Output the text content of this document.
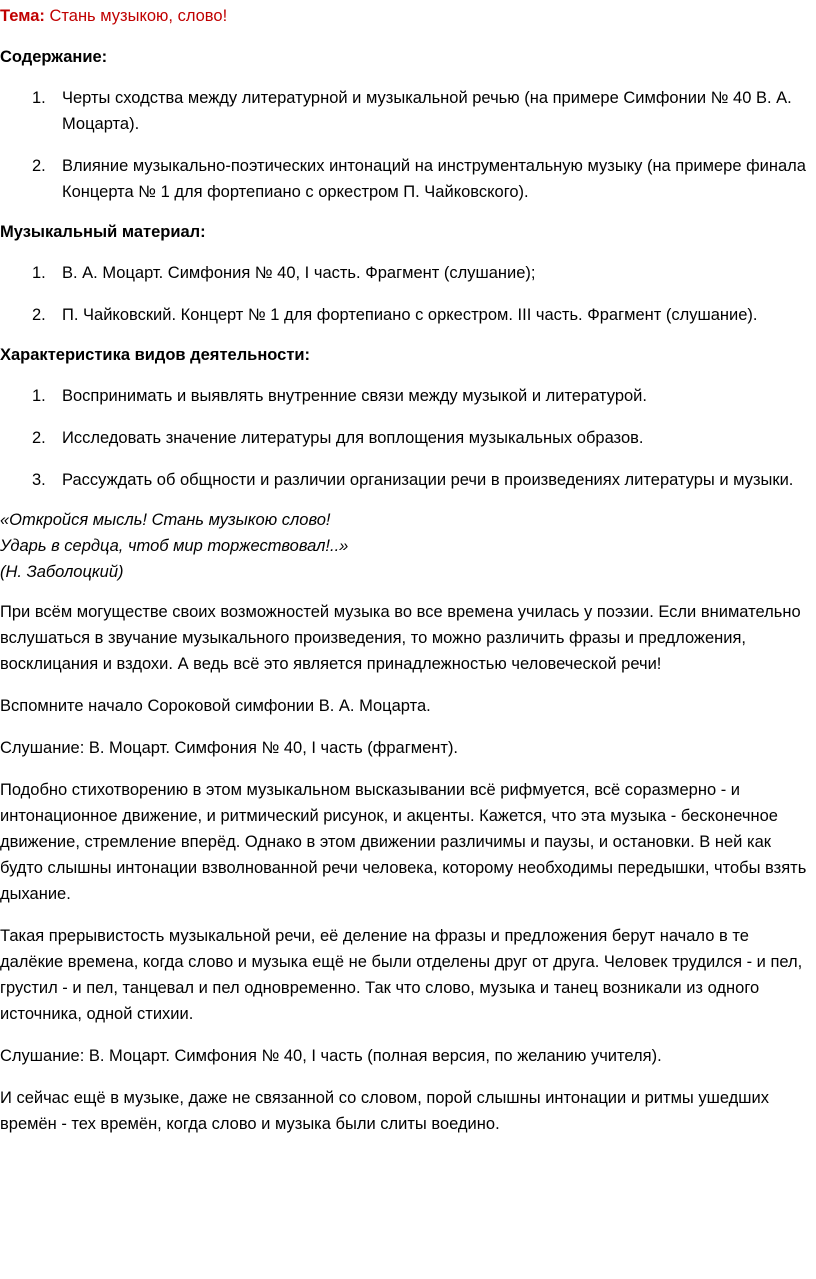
Тема: Стань музыкою, слово!
Содержание:
1. Черты сходства между литературной и музыкальной речью (на примере Симфонии № 40 В. А. Моцарта).
2. Влияние музыкально-поэтических интонаций на инструментальную музыку (на примере финала Концерта № 1 для фортепиано с оркестром П. Чайковского).
Музыкальный материал:
1. В. А. Моцарт. Симфония № 40, I часть. Фрагмент (слушание);
2. П. Чайковский. Концерт № 1 для фортепиано с оркестром. III часть. Фрагмент (слушание).
Характеристика видов деятельности:
1. Воспринимать и выявлять внутренние связи между музыкой и литературой.
2. Исследовать значение литературы для воплощения музыкальных образов.
3. Рассуждать об общности и различии организации речи в произведениях литературы и музыки.
«Откройся мысль! Стань музыкою слово!
Ударь в сердца, чтоб мир торжествовал!..»
(Н. Заболоцкий)

При всём могуществе своих возможностей музыка во все времена училась у поэзии. Если внимательно вслушаться в звучание музыкального произведения, то можно различить фразы и предложения, восклицания и вздохи. А ведь всё это является принадлежностью человеческой речи!

Вспомните начало Сороковой симфонии В. А. Моцарта.

Слушание: В. Моцарт. Симфония № 40, I часть (фрагмент).

Подобно стихотворению в этом музыкальном высказывании всё рифмуется, всё соразмерно - и интонационное движение, и ритмический рисунок, и акценты. Кажется, что эта музыка - бесконечное движение, стремление вперёд. Однако в этом движении различимы и паузы, и остановки. В ней как будто слышны интонации взволнованной речи человека, которому необходимы передышки, чтобы взять дыхание.

Такая прерывистость музыкальной речи, её деление на фразы и предложения берут начало в те далёкие времена, когда слово и музыка ещё не были отделены друг от друга. Человек трудился - и пел, грустил - и пел, танцевал и пел одновременно. Так что слово, музыка и танец возникали из одного источника, одной стихии.

Слушание: В. Моцарт. Симфония № 40, I часть (полная версия, по желанию учителя).

И сейчас ещё в музыке, даже не связанной со словом, порой слышны интонации и ритмы ушедших времён - тех времён, когда слово и музыка были слиты воедино.
